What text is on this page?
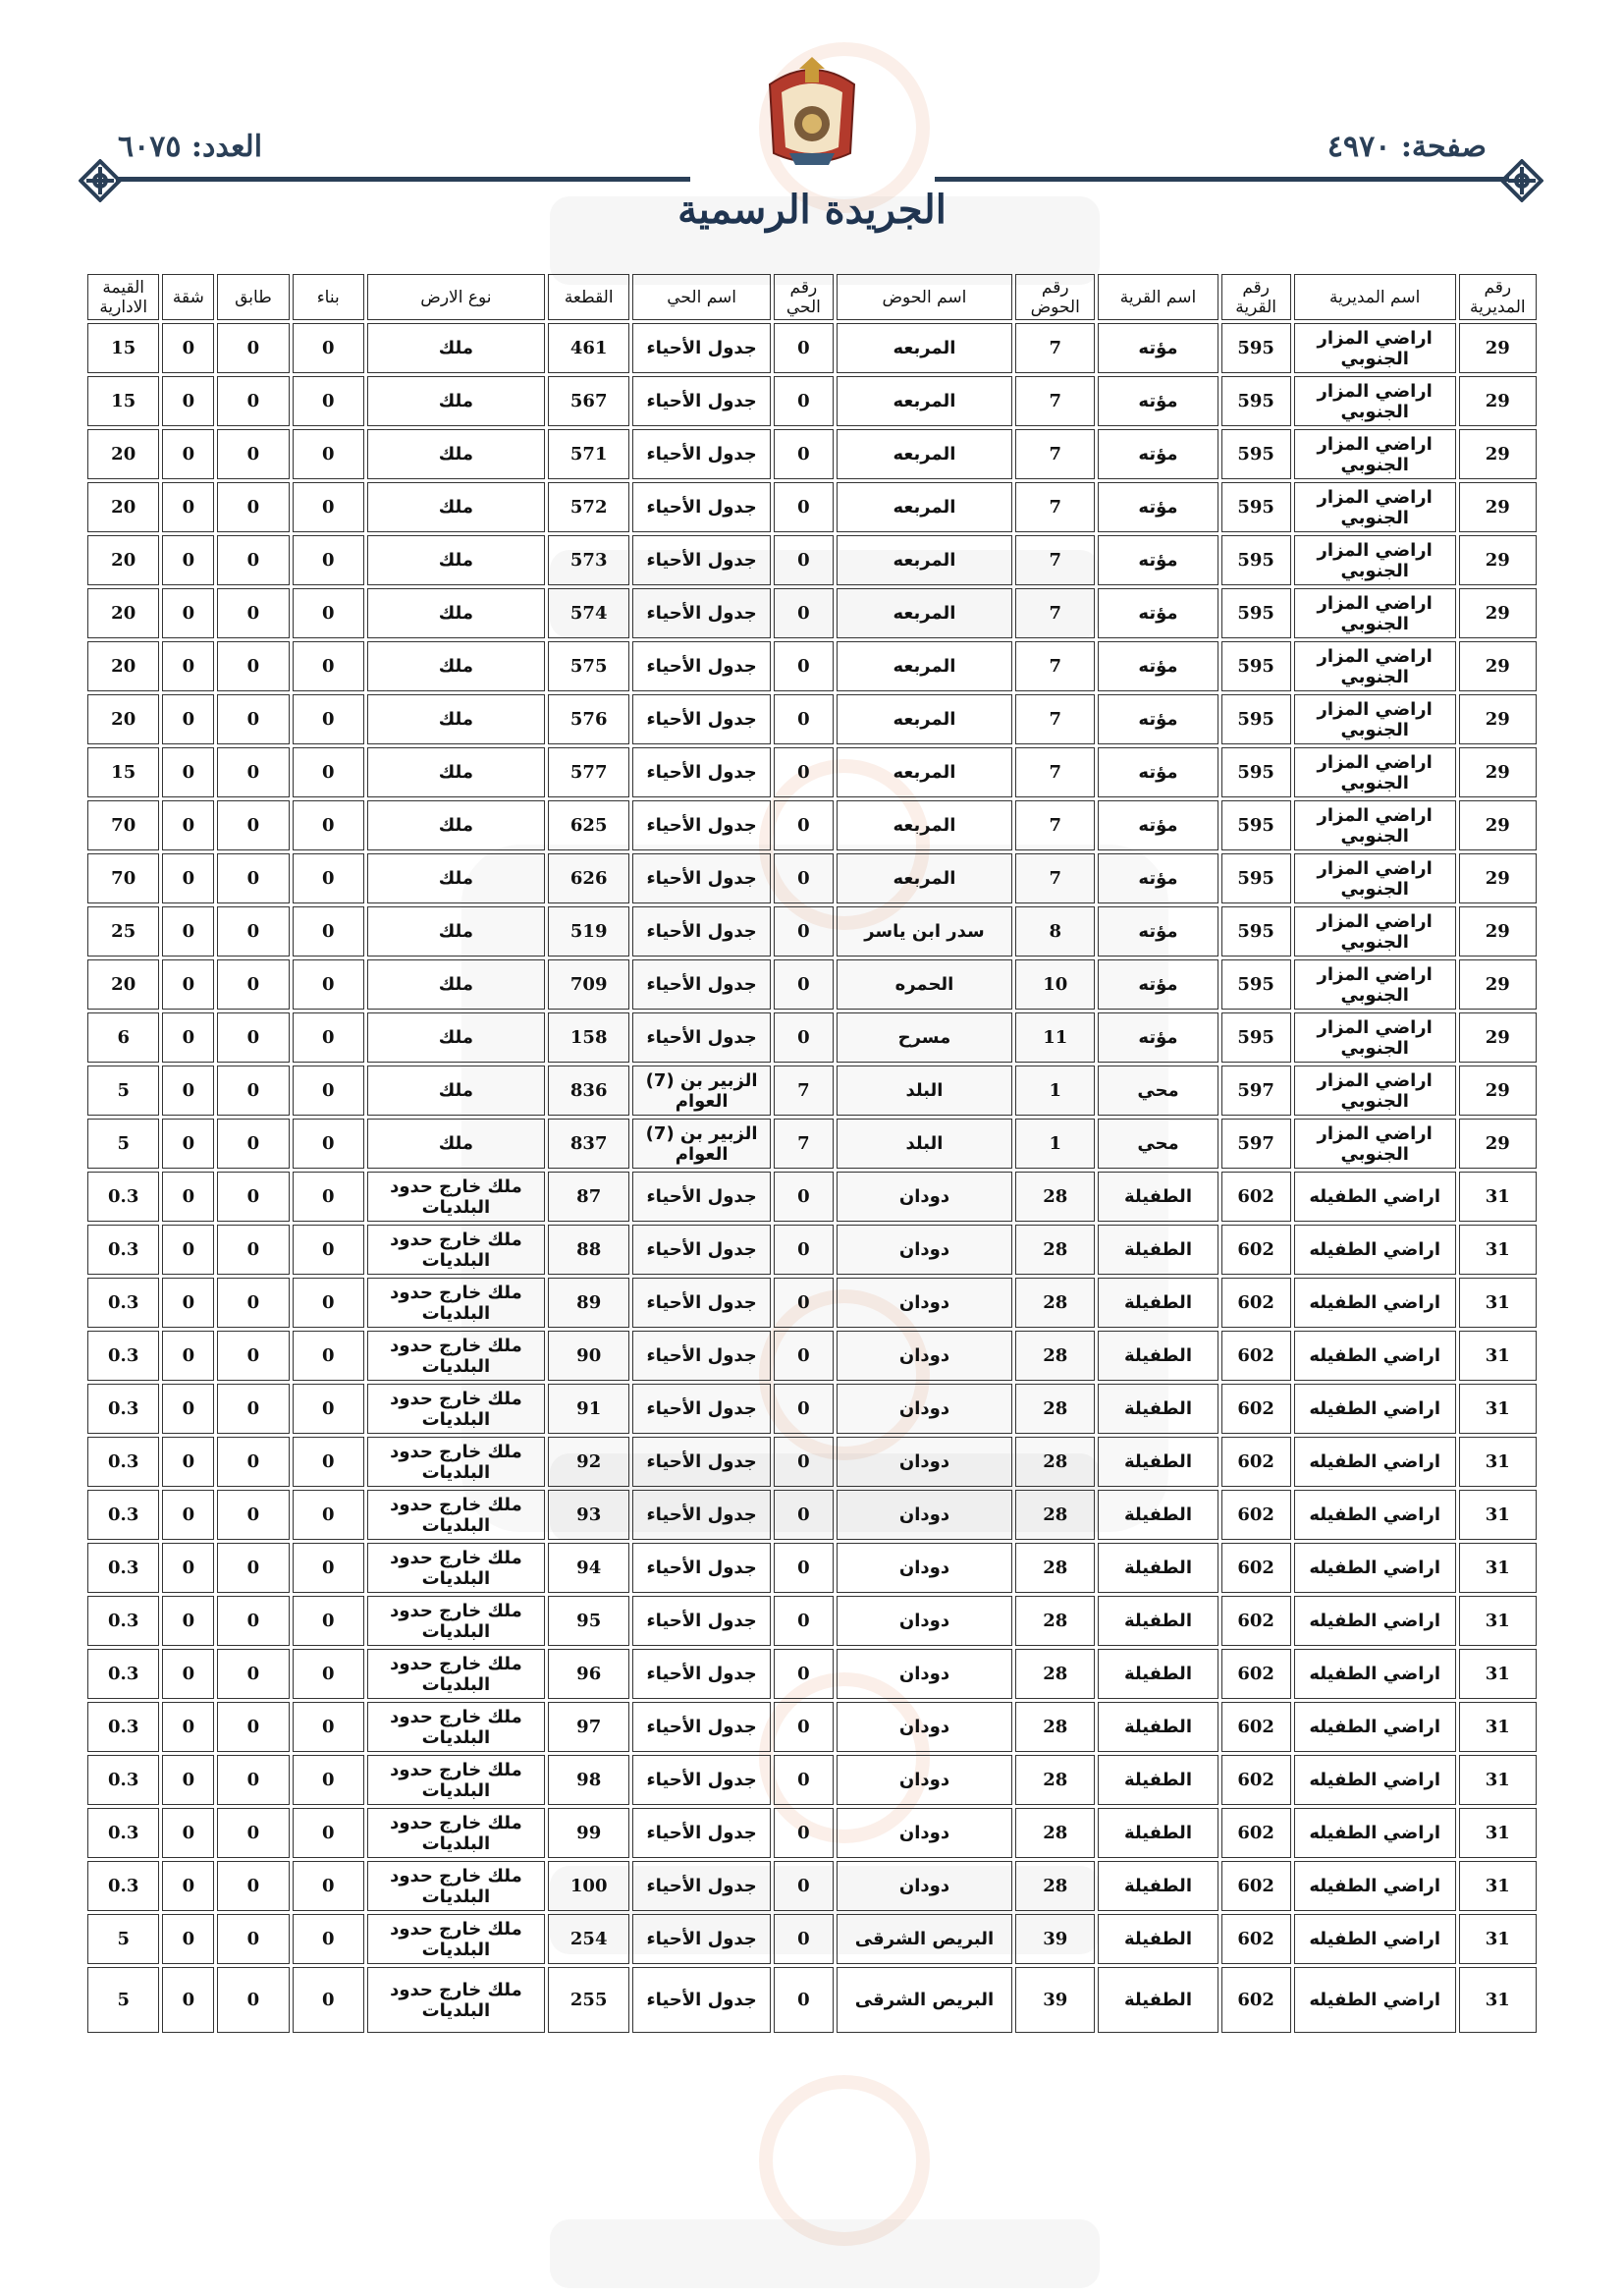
صفحة: ٤٩٧٠
العدد: ٦٠٧٥
الجريدة الرسمية
رقم المديرية	اسم المديرية	رقم القرية	اسم القرية	رقم الحوض	اسم الحوض	رقم الحي	اسم الحي	القطعة	نوع الارض	بناء	طابق	شقة	القيمة الادارية
29	اراضي المزار الجنوبي	595	مؤته	7	المربعه	0	جدول الأحياء	461	ملك	0	0	0	15
29	اراضي المزار الجنوبي	595	مؤته	7	المربعه	0	جدول الأحياء	567	ملك	0	0	0	15
29	اراضي المزار الجنوبي	595	مؤته	7	المربعه	0	جدول الأحياء	571	ملك	0	0	0	20
29	اراضي المزار الجنوبي	595	مؤته	7	المربعه	0	جدول الأحياء	572	ملك	0	0	0	20
29	اراضي المزار الجنوبي	595	مؤته	7	المربعه	0	جدول الأحياء	573	ملك	0	0	0	20
29	اراضي المزار الجنوبي	595	مؤته	7	المربعه	0	جدول الأحياء	574	ملك	0	0	0	20
29	اراضي المزار الجنوبي	595	مؤته	7	المربعه	0	جدول الأحياء	575	ملك	0	0	0	20
29	اراضي المزار الجنوبي	595	مؤته	7	المربعه	0	جدول الأحياء	576	ملك	0	0	0	20
29	اراضي المزار الجنوبي	595	مؤته	7	المربعه	0	جدول الأحياء	577	ملك	0	0	0	15
29	اراضي المزار الجنوبي	595	مؤته	7	المربعه	0	جدول الأحياء	625	ملك	0	0	0	70
29	اراضي المزار الجنوبي	595	مؤته	7	المربعه	0	جدول الأحياء	626	ملك	0	0	0	70
29	اراضي المزار الجنوبي	595	مؤته	8	سدر ابن ياسر	0	جدول الأحياء	519	ملك	0	0	0	25
29	اراضي المزار الجنوبي	595	مؤته	10	الحمره	0	جدول الأحياء	709	ملك	0	0	0	20
29	اراضي المزار الجنوبي	595	مؤته	11	مسرح	0	جدول الأحياء	158	ملك	0	0	0	6
29	اراضي المزار الجنوبي	597	محي	1	البلد	7	الزبير بن (7) العوام	836	ملك	0	0	0	5
29	اراضي المزار الجنوبي	597	محي	1	البلد	7	الزبير بن (7) العوام	837	ملك	0	0	0	5
31	اراضي الطفيله	602	الطفيلة	28	دودان	0	جدول الأحياء	87	ملك خارج حدود البلديات	0	0	0	0.3
31	اراضي الطفيله	602	الطفيلة	28	دودان	0	جدول الأحياء	88	ملك خارج حدود البلديات	0	0	0	0.3
31	اراضي الطفيله	602	الطفيلة	28	دودان	0	جدول الأحياء	89	ملك خارج حدود البلديات	0	0	0	0.3
31	اراضي الطفيله	602	الطفيلة	28	دودان	0	جدول الأحياء	90	ملك خارج حدود البلديات	0	0	0	0.3
31	اراضي الطفيله	602	الطفيلة	28	دودان	0	جدول الأحياء	91	ملك خارج حدود البلديات	0	0	0	0.3
31	اراضي الطفيله	602	الطفيلة	28	دودان	0	جدول الأحياء	92	ملك خارج حدود البلديات	0	0	0	0.3
31	اراضي الطفيله	602	الطفيلة	28	دودان	0	جدول الأحياء	93	ملك خارج حدود البلديات	0	0	0	0.3
31	اراضي الطفيله	602	الطفيلة	28	دودان	0	جدول الأحياء	94	ملك خارج حدود البلديات	0	0	0	0.3
31	اراضي الطفيله	602	الطفيلة	28	دودان	0	جدول الأحياء	95	ملك خارج حدود البلديات	0	0	0	0.3
31	اراضي الطفيله	602	الطفيلة	28	دودان	0	جدول الأحياء	96	ملك خارج حدود البلديات	0	0	0	0.3
31	اراضي الطفيله	602	الطفيلة	28	دودان	0	جدول الأحياء	97	ملك خارج حدود البلديات	0	0	0	0.3
31	اراضي الطفيله	602	الطفيلة	28	دودان	0	جدول الأحياء	98	ملك خارج حدود البلديات	0	0	0	0.3
31	اراضي الطفيله	602	الطفيلة	28	دودان	0	جدول الأحياء	99	ملك خارج حدود البلديات	0	0	0	0.3
31	اراضي الطفيله	602	الطفيلة	28	دودان	0	جدول الأحياء	100	ملك خارج حدود البلديات	0	0	0	0.3
31	اراضي الطفيله	602	الطفيلة	39	البريص الشرقى	0	جدول الأحياء	254	ملك خارج حدود البلديات	0	0	0	5
31	اراضي الطفيله	602	الطفيلة	39	البريص الشرقى	0	جدول الأحياء	255	ملك خارج حدود البلديات	0	0	0	5
